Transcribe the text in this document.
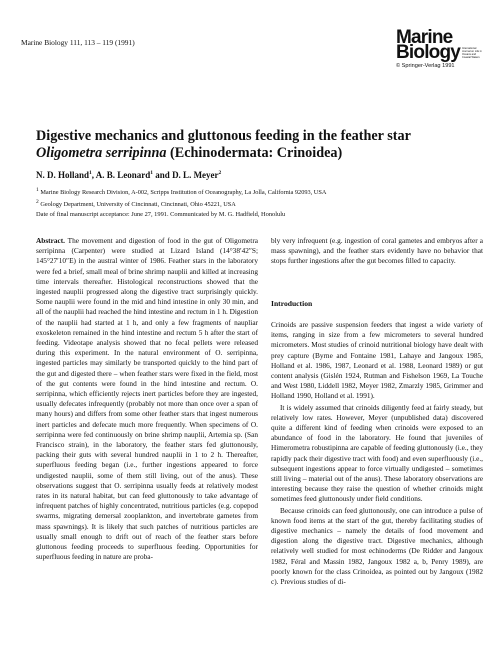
Marine Biology 111, 113 – 119 (1991)	Marine
Biology International Journal on Life in Oceans and Coastal Waters
© Springer-Verlag 1991
Digestive mechanics and gluttonous feeding in the feather star
Oligometra serripinna (Echinodermata: Crinoidea)
N. D. Holland$^1$, A. B. Leonard$^1$ and D. L. Meyer$^2$
$^1$ Marine Biology Research Division, A-002, Scripps Institution of Oceanography, La Jolla, California 92093, USA
$^2$ Geology Department, University of Cincinnati, Cincinnati, Ohio 45221, USA
Date of final manuscript acceptance: June 27, 1991. Communicated by M. G. Hadfield, Honolulu

Abstract. The movement and digestion of food in the gut of Oligometra serripinna (Carpenter) were studied at Lizard Island (14°38′42″S; 145°27′10″E) in the austral winter of 1986. Feather stars in the laboratory were fed a brief, small meal of brine shrimp nauplii and killed at increasing time intervals thereafter. Histological reconstructions showed that the ingested nauplii progressed along the digestive tract surprisingly quickly. Some nauplii were found in the mid and hind intestine in only 30 min, and all of the nauplii had reached the hind intestine and rectum in 1 h. Digestion of the nauplii had started at 1 h, and only a few fragments of naupliar exoskeleton remained in the hind intestine and rectum 5 h after the start of feeding. Videotape analysis showed that no fecal pellets were released during this experiment. In the natural environment of O. serripinna, ingested particles may similarly be transported quickly to the hind part of the gut and digested there – when feather stars were fixed in the field, most of the gut contents were found in the hind intestine and rectum. O. serripinna, which efficiently rejects inert particles before they are ingested, usually defecates infrequently (probably not more than once over a span of many hours) and differs from some other feather stars that ingest numerous inert particles and defecate much more frequently. When specimens of O. serripinna were fed continuously on brine shrimp nauplii, Artemia sp. (San Francisco strain), in the laboratory, the feather stars fed gluttonously, packing their guts with several hundred nauplii in 1 to 2 h. Thereafter, superfluous feeding began (i.e., further ingestions appeared to force undigested nauplii, some of them still living, out of the anus). These observations suggest that O. serripinna usually feeds at relatively modest rates in its natural habitat, but can feed gluttonously to take advantage of infrequent patches of highly concentrated, nutritious particles (e.g. copepod swarms, migrating demersal zooplankton, and invertebrate gametes from mass spawnings). It is likely that such patches of nutritious particles are usually small enough to drift out of reach of the feather stars before gluttonous feeding proceeds to superfluous feeding. Opportunities for superfluous feeding in nature are proba-

bly very infrequent (e.g. ingestion of coral gametes and embryos after a mass spawning), and the feather stars evidently have no behavior that stops further ingestions after the gut becomes filled to capacity.

Introduction

Crinoids are passive suspension feeders that ingest a wide variety of items, ranging in size from a few micrometers to several hundred micrometers. Most studies of crinoid nutritional biology have dealt with prey capture (Byrne and Fontaine 1981, Lahaye and Jangoux 1985, Holland et al. 1986, 1987, Leonard et al. 1988, Leonard 1989) or gut content analysis (Gislén 1924, Rutman and Fishelson 1969, La Touche and West 1980, Liddell 1982, Meyer 1982, Zmarzly 1985, Grimmer and Holland 1990, Holland et al. 1991).

It is widely assumed that crinoids diligently feed at fairly steady, but relatively low rates. However, Meyer (unpublished data) discovered quite a different kind of feeding when crinoids were exposed to an abundance of food in the laboratory. He found that juveniles of Himerometra robustipinna are capable of feeding gluttonously (i.e., they rapidly pack their digestive tract with food) and even superfluously (i.e., subsequent ingestions appear to force virtually undigested – sometimes still living – material out of the anus). These laboratory observations are interesting because they raise the question of whether crinoids might sometimes feed gluttonously under field conditions.

Because crinoids can feed gluttonously, one can introduce a pulse of known food items at the start of the gut, thereby facilitating studies of digestive mechanics – namely the details of food movement and digestion along the digestive tract. Digestive mechanics, although relatively well studied for most echinoderms (De Ridder and Jangoux 1982, Féral and Massin 1982, Jangoux 1982 a, b, Penry 1989), are poorly known for the class Crinoidea, as pointed out by Jangoux (1982 c). Previous studies of di-
